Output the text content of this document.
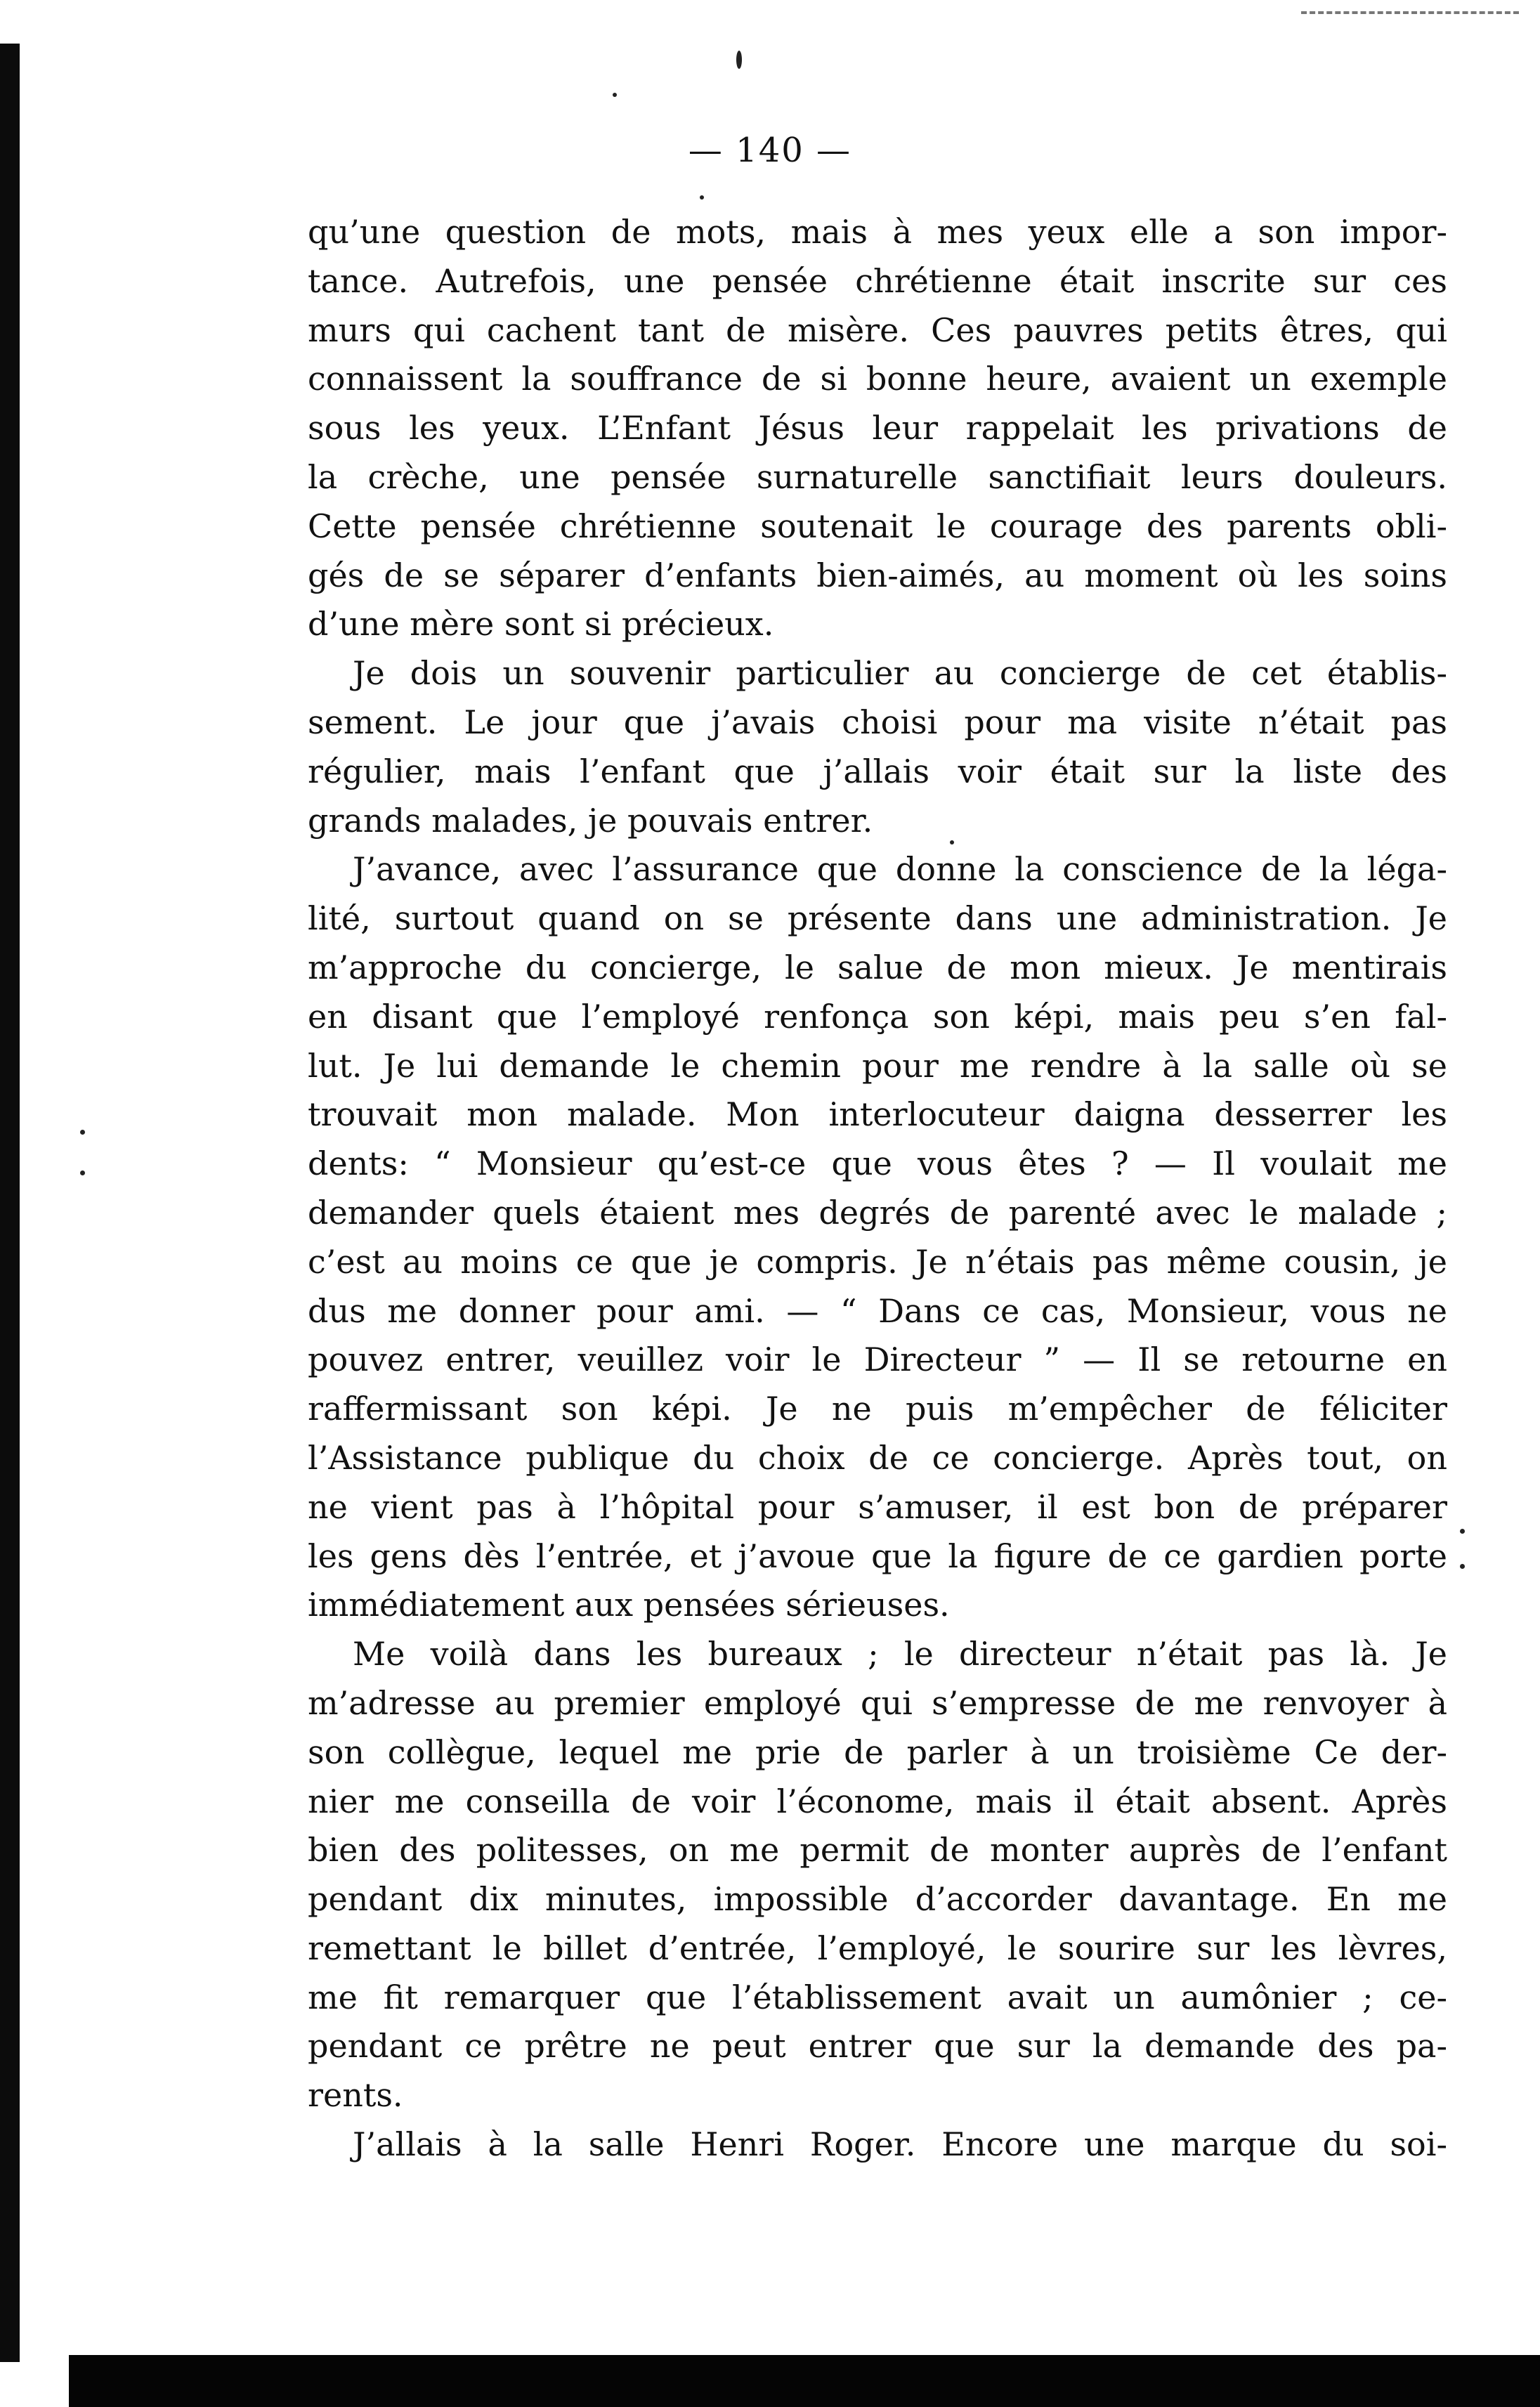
— 140 —
qu’une question de mots, mais à mes yeux elle a son impor-
tance. Autrefois, une pensée chrétienne était inscrite sur ces
murs qui cachent tant de misère. Ces pauvres petits êtres, qui
connaissent la souffrance de si bonne heure, avaient un exemple
sous les yeux. L’Enfant Jésus leur rappelait les privations de
la crèche, une pensée surnaturelle sanctifiait leurs douleurs.
Cette pensée chrétienne soutenait le courage des parents obli-
gés de se séparer d’enfants bien-aimés, au moment où les soins
d’une mère sont si précieux.
Je dois un souvenir particulier au concierge de cet établis-
sement. Le jour que j’avais choisi pour ma visite n’était pas
régulier, mais l’enfant que j’allais voir était sur la liste des
grands malades, je pouvais entrer.
J’avance, avec l’assurance que donne la conscience de la léga-
lité, surtout quand on se présente dans une administration. Je
m’approche du concierge, le salue de mon mieux. Je mentirais
en disant que l’employé renfonça son képi, mais peu s’en fal-
lut. Je lui demande le chemin pour me rendre à la salle où se
trouvait mon malade. Mon interlocuteur daigna desserrer les
dents: “ Monsieur qu’est-ce que vous êtes ? — Il voulait me
demander quels étaient mes degrés de parenté avec le malade ;
c’est au moins ce que je compris. Je n’étais pas même cousin, je
dus me donner pour ami. — “ Dans ce cas, Monsieur, vous ne
pouvez entrer, veuillez voir le Directeur ” — Il se retourne en
raffermissant son képi. Je ne puis m’empêcher de féliciter
l’Assistance publique du choix de ce concierge. Après tout, on
ne vient pas à l’hôpital pour s’amuser, il est bon de préparer
les gens dès l’entrée, et j’avoue que la figure de ce gardien porte
immédiatement aux pensées sérieuses.
Me voilà dans les bureaux ; le directeur n’était pas là. Je
m’adresse au premier employé qui s’empresse de me renvoyer à
son collègue, lequel me prie de parler à un troisième Ce der-
nier me conseilla de voir l’économe, mais il était absent. Après
bien des politesses, on me permit de monter auprès de l’enfant
pendant dix minutes, impossible d’accorder davantage. En me
remettant le billet d’entrée, l’employé, le sourire sur les lèvres,
me fit remarquer que l’établissement avait un aumônier ; ce-
pendant ce prêtre ne peut entrer que sur la demande des pa-
rents.
J’allais à la salle Henri Roger. Encore une marque du soi-
